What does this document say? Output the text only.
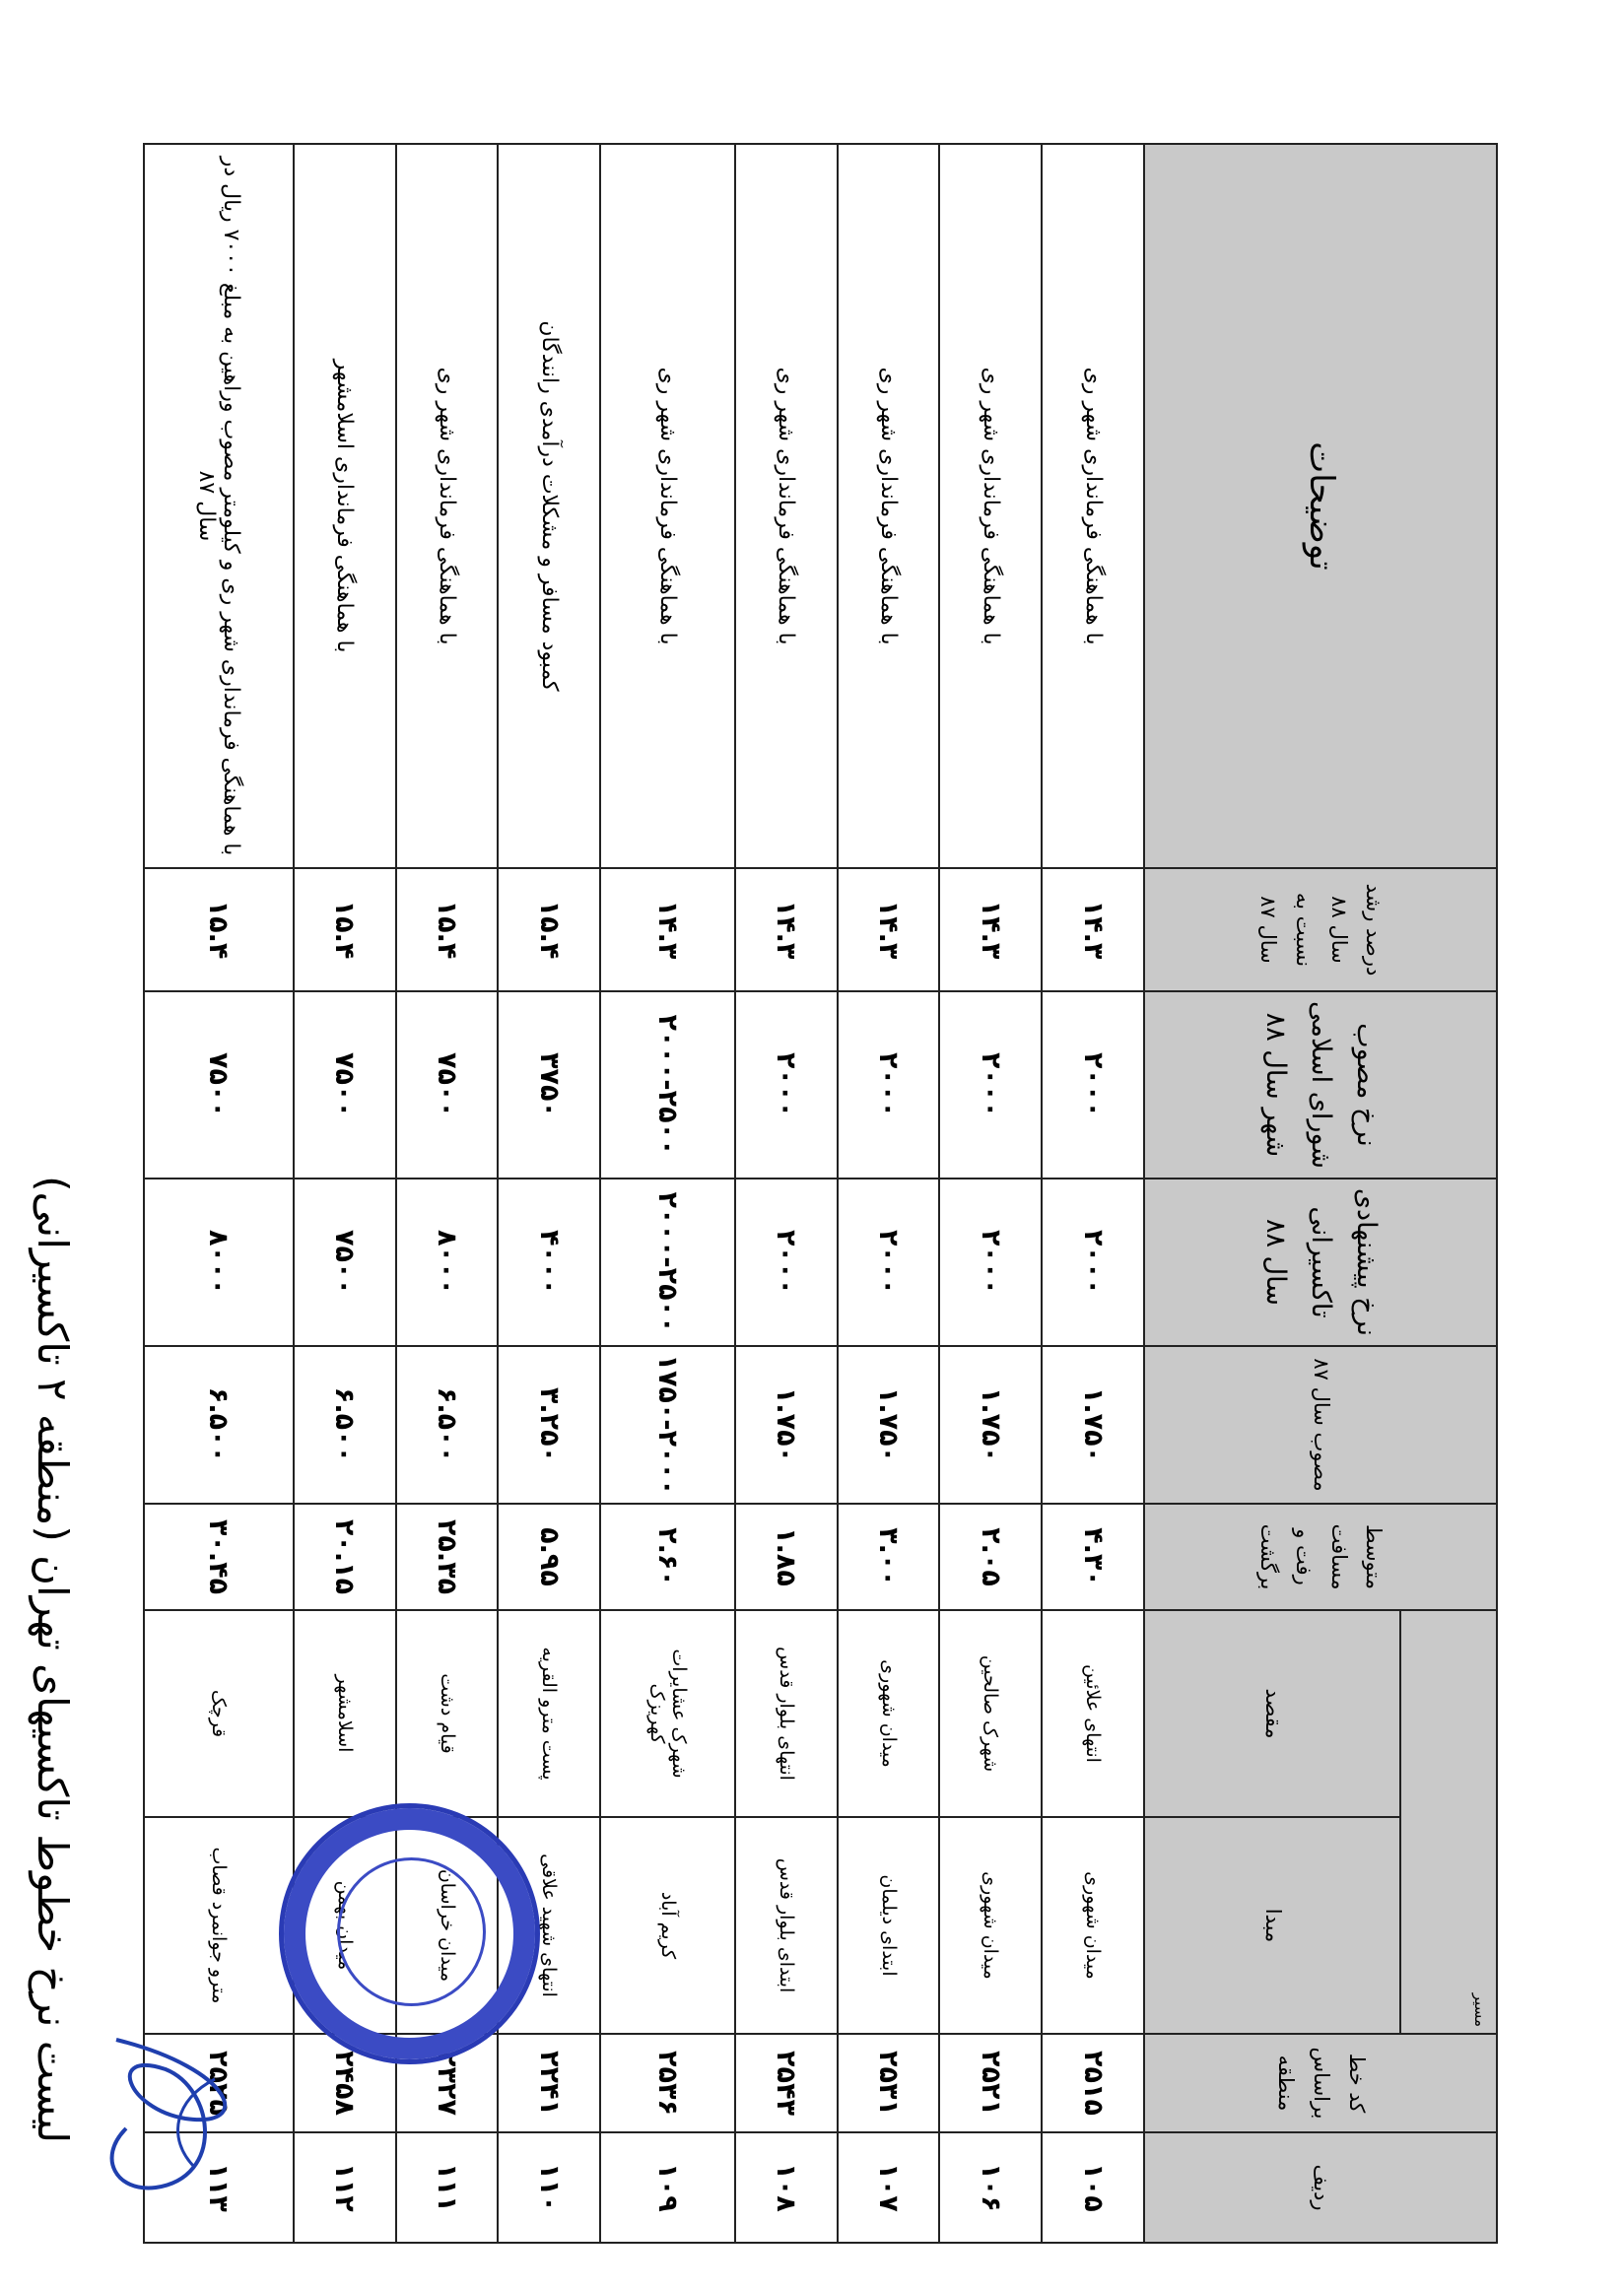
لیست نرخ خطوط تاکسیهای تهران (منطقه ۲ تاکسیرانی)
ردیف	کد خط براساس منطقه	مسیر		متوسط مسافت رفت و برگشت	مصوب سال ۸۷	نرخ پیشنهادی تاکسیرانی سال ۸۸	نرخ مصوب شورای اسلامی شهر سال ۸۸	درصد رشد سال ۸۸ نسبت به سال ۸۷	توضیحات
		مبدا	مقصد						
۱۰۵	۲۵۱۵	میدان شهوری	انتهای علائین	۴.۳۰	۱.۷۵۰	۲۰۰۰	۲۰۰۰	۱۴.۳	با هماهنگی فرمانداری شهر ری
۱۰۶	۲۵۲۱	میدان شهوری	شهرک صالحین	۲.۰۵	۱.۷۵۰	۲۰۰۰	۲۰۰۰	۱۴.۳	با هماهنگی فرمانداری شهر ری
۱۰۷	۲۵۳۱	ابتدای دیلمان	میدان شهوری	۳.۰۰	۱.۷۵۰	۲۰۰۰	۲۰۰۰	۱۴.۳	با هماهنگی فرمانداری شهر ری
۱۰۸	۲۵۴۳	ابتدای بلوار قدس	انتهای بلوار قدس	۱.۸۵	۱.۷۵۰	۲۰۰۰	۲۰۰۰	۱۴.۳	با هماهنگی فرمانداری شهر ری
۱۰۹	۲۵۳۶	کریم آباد	شهرک عشایرات کهریزک	۲.۶۰	۱۷۵۰-۲۰۰۰	۲۰۰۰-۲۵۰۰	۲۰۰۰-۲۵۰۰	۱۴.۳	با هماهنگی فرمانداری شهر ری
۱۱۰	۲۲۴۱	انتهای شهید علاقی	پست مترو القریه	۵.۹۵	۳.۲۵۰	۴۰۰۰	۳۷۵۰	۱۵.۴	کمبود مسافر و مشکلات درآمدی رانندگان
۱۱۱	۲۳۲۷	میدان خراسان	قیام دشت	۲۵.۳۵	۶.۵۰۰	۸۰۰۰	۷۵۰۰	۱۵.۴	با هماهنگی فرمانداری شهر ری
۱۱۲	۲۴۵۸	میدان بهمن	اسلامشهر	۲۰.۱۵	۶.۵۰۰	۷۵۰۰	۷۵۰۰	۱۵.۴	با هماهنگی فرمانداری اسلامشهر
۱۱۳	۲۵۲۵	مترو جوانمرد قصاب	قرچک	۳۰.۴۵	۶.۵۰۰	۸۰۰۰	۷۵۰۰	۱۵.۴	با هماهنگی فرمانداری شهر ری و کیلومتر مصوب وراهین به مبلغ ۷۰۰۰ ریال در سال ۸۷
